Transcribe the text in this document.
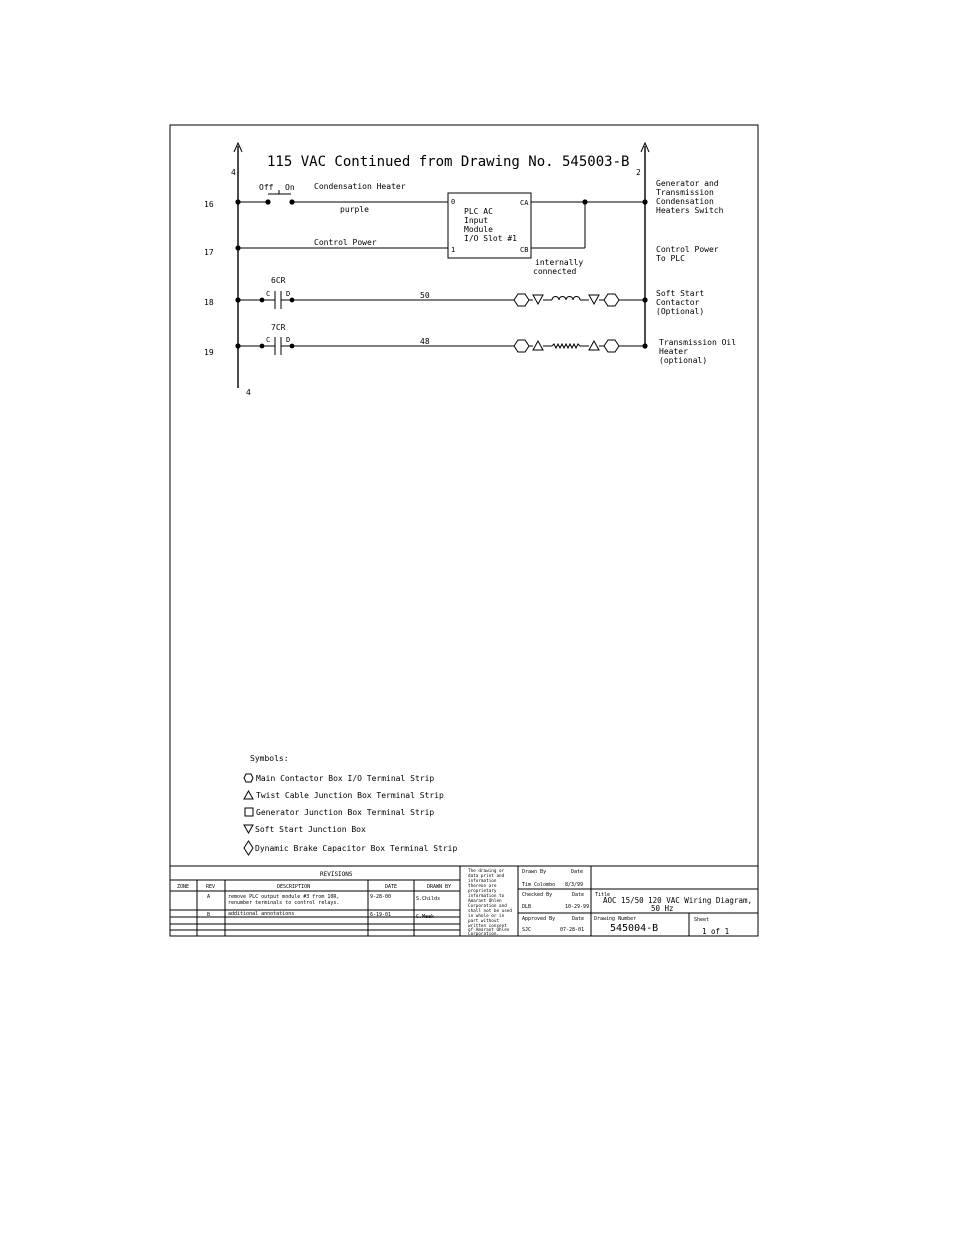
115 VAC Continued from Drawing No. 545003-B
4
4
2
16
17
18
19
Off On Condensation Heater
purple
0
1
CA
CB
PLC AC
Input
Module
I/O Slot #1
internally
connected
Generator and
Transmission
Condensation
Heaters Switch
Control Power
Control Power
To PLC
6CR
C D	50	Soft Start
Contactor
(Optional)
7CR
C D	48	Transmission Oil
Heater
(optional)
Symbols:
Main Contactor Box I/O Terminal Strip
Twist Cable Junction Box Terminal Strip
Generator Junction Box Terminal Strip
Soft Start Junction Box
Dynamic Brake Capacitor Box Terminal Strip
REVISIONS
ZONE	REV	DESCRIPTION	DATE	DRAWN BY
A	remove PLC output module #3 from 10R,
renumber terminals to control relays.
9-28-00	S.Childs
B	additional annotations	6-19-01	C.Meek
The drawing or
data print and
information
thereon are
proprietary
information to
Amarant Ohlen
Corporation and
shall not be used
in whole or in
part without
written consent
of Amarant Ohlen
Corporation.
Drawn By	Date
Tim Colombo 8/3/99
Checked By	Date
DLB	10-29-99
Approved By	Date
SJC	07-28-01
Title
AOC 15/50 120 VAC Wiring Diagram,
50 Hz
Drawing Number
545004-B
Sheet
1 of 1
